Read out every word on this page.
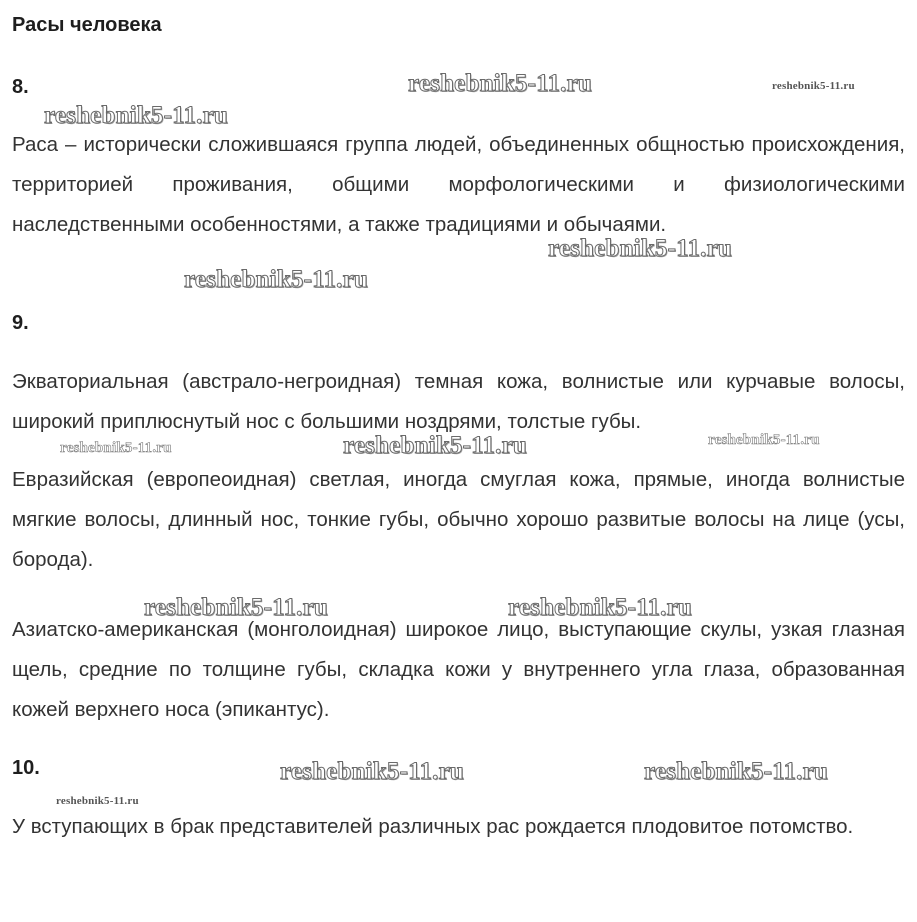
Расы человека
8.

Раса – исторически сложившаяся группа людей, объединенных общностью происхождения, территорией проживания, общими морфологическими и физиологическими наследственными особенностями, а также традициями и обычаями.

9.

Экваториальная (австрало-негроидная) темная кожа, волнистые или курчавые волосы, широкий приплюснутый нос с большими ноздрями, толстые губы.

Евразийская (европеоидная) светлая, иногда смуглая кожа, прямые, иногда волнистые мягкие волосы, длинный нос, тонкие губы, обычно хорошо развитые волосы на лице (усы, борода).

Азиатско-американская (монголоидная) широкое лицо, выступающие скулы, узкая глазная щель, средние по толщине губы, складка кожи у внутреннего угла глаза, образованная кожей верхнего носа (эпикантус).

10.

У вступающих в брак представителей различных рас рождается плодовитое потомство.

reshebnik5-11.ru	reshebnik5-11.ru
reshebnik5-11.ru
reshebnik5-11.ru
reshebnik5-11.ru
reshebnik5-11.ru	reshebnik5-11.ru	reshebnik5-11.ru
reshebnik5-11.ru	reshebnik5-11.ru
reshebnik5-11.ru	reshebnik5-11.ru
reshebnik5-11.ru
